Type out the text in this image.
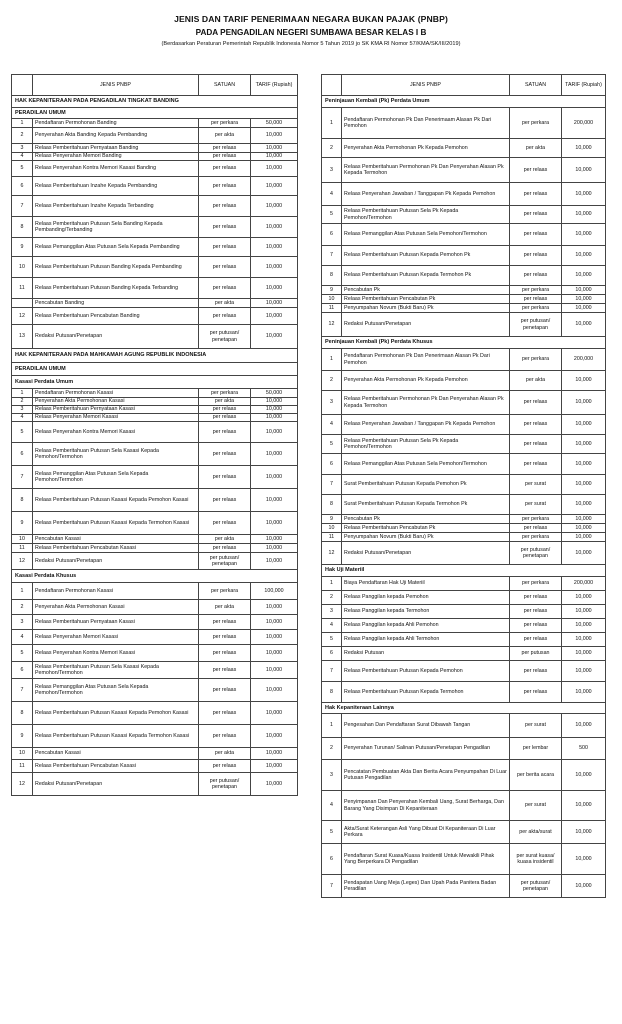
JENIS DAN TARIF PENERIMAAN NEGARA BUKAN PAJAK (PNBP)
PADA PENGADILAN NEGERI SUMBAWA BESAR KELAS I B
(Berdasarkan Peraturan Pemerintah Republik Indonesia Nomor 5 Tahun 2019 jo SK KMA RI Nomor 57/KMA/SK/III/2019)
	JENIS PNBP	SATUAN	TARIF (Rupiah)
HAK KEPANITERAAN PADA PENGADILAN TINGKAT BANDING			
PERADILAN UMUM			
1	Pendaftaran Permohonan Banding	per perkara	50,000
2	Penyerahan Akta Banding Kepada Pembanding	per akta	10,000
3	Relaas Pemberitahuan Pernyataan Banding	per relaas	10,000
4	Relaas Penyerahan Memori Banding	per relaas	10,000
5	Relaas Penyerahan Kontra Memori Kasasi Banding	per relaas	10,000
6	Relaas Pemberitahuan Inzahe Kepada Pembanding	per relaas	10,000
7	Relaas Pemberitahuan Inzahe Kepada Terbanding	per relaas	10,000
8	Relaas Pemberitahuan Putusan Sela Banding Kepada Pembanding/Terbanding	per relaas	10,000
9	Relaas Pemanggilan Atas Putusan Sela Kepada Pembanding	per relaas	10,000
10	Relaas Pemberitahuan Putusan Banding Kepada Pembanding	per relaas	10,000
11	Relaas Pemberitahuan Putusan Banding Kepada Terbanding	per relaas	10,000
	Pencabutan Banding	per akta	10,000
12	Relaas Pemberitahuan Pencabutan Banding	per relaas	10,000
13	Redaksi Putusan/Penetapan	per putusan/ penetapan	10,000
HAK KEPANITERAAN PADA MAHKAMAH AGUNG REPUBLIK INDONESIA			
PERADILAN UMUM			
Kasasi Perdata Umum			
1	Pendaftaran Permohonan Kasasi	per perkara	50,000
2	Penyerahan Akta Permohonan Kasasi	per akta	10,000
3	Relaas Pemberitahuan Pernyataan Kasasi	per relaas	10,000
4	Relaas Penyerahan Memori Kasasi	per relaas	10,000
5	Relaas Penyerahan Kontra Memori Kasasi	per relaas	10,000
6	Relaas Pemberitahuan Putusan Sela Kasasi Kepada Pemohon/Termohon	per relaas	10,000
7	Relaas Pemanggilan Atas Putusan Sela Kepada Pemohon/Termohon	per relaas	10,000
8	Relaas Pemberitahuan Putusan Kasasi Kepada Pemohon Kasasi	per relaas	10,000
9	Relaas Pemberitahuan Putusan Kasasi Kepada Termohon Kasasi	per relaas	10,000
10	Pencabutan Kasasi	per akta	10,000
11	Relaas Pemberitahuan Pencabutan Kasasi	per relaas	10,000
12	Redaksi Putusan/Penetapan	per putusan/ penetapan	10,000
Kasasi Perdata Khusus			
1	Pendaftaran Permohonan Kasasi	per perkara	100,000
2	Penyerahan Akta Permohonan Kasasi	per akta	10,000
3	Relaas Pemberitahuan Pernyataan Kasasi	per relaas	10,000
4	Relaas Penyerahan Memori Kasasi	per relaas	10,000
5	Relaas Penyerahan Kontra Memori Kasasi	per relaas	10,000
6	Relaas Pemberitahuan Putusan Sela Kasasi Kepada Pemohon/Termohon	per relaas	10,000
7	Relaas Pemanggilan Atas Putusan Sela Kepada Pemohon/Termohon	per relaas	10,000
8	Relaas Pemberitahuan Putusan Kasasi Kepada Pemohon Kasasi	per relaas	10,000
9	Relaas Pemberitahuan Putusan Kasasi Kepada Termohon Kasasi	per relaas	10,000
10	Pencabutan Kasasi	per akta	10,000
11	Relaas Pemberitahuan Pencabutan Kasasi	per relaas	10,000
12	Redaksi Putusan/Penetapan	per putusan/ penetapan	10,000
	JENIS PNBP	SATUAN	TARIF (Rupiah)
Peninjauan Kembali (Pk) Perdata Umum			
1	Pendaftaran Permohonan Pk Dan Penerimaam Alasan Pk Dari Pemohon	per perkara	200,000
2	Penyerahan Akta Permohonan Pk Kepada Pemohon	per akta	10,000
3	Relaas Pemberitahuan Permohonan Pk Dan Penyerahan Alasan Pk Kepada Termohon	per relaas	10,000
4	Relaas Penyerahan Jawaban / Tanggapan Pk Kepada Pemohon	per relaas	10,000
5	Relaas Pemberitahuan Putusan Sela Pk Kepada Pemohon/Termohon	per relaas	10,000
6	Relaas Pemanggilan Atas Putusan Sela Pemohon/Termohon	per relaas	10,000
7	Relaas Pemberitahuan Putusan Kepada Pemohon Pk	per relaas	10,000
8	Relaas Pemberitahuan Putusan Kepada Termohon Pk	per relaas	10,000
9	Pencabutan Pk	per perkara	10,000
10	Relaas Pemberitahuan Pencabutan Pk	per relaas	10,000
11	Penyumpahan Novum (Bukti Baru) Pk	per perkara	10,000
12	Redaksi Putusan/Penetapan	per putusan/ penetapan	10,000
Peninjauan Kembali (Pk) Perdata Khusus			
1	Pendaftaran Permohonan Pk Dan Penerimaan Alasan Pk Dari Pemohon	per perkara	200,000
2	Penyerahan Akta Permohonan Pk Kepada Pemohon	per akta	10,000
3	Relaas Pemberitahuan Permohonan Pk Dan Penyerahan Alasan Pk Kepada Termohon	per relaas	10,000
4	Relaas Penyerahan Jawaban / Tanggapan Pk Kepada Pemohon	per relaas	10,000
5	Relaas Pemberitahuan Putusan Sela Pk Kepada Pemohon/Termohon	per relaas	10,000
6	Relaas Pemanggilan Atas Putusan Sela Pemohon/Termohon	per relaas	10,000
7	Surat Pemberitahuan Putusan Kepada Pemohon Pk	per surat	10,000
8	Surat Pemberitahuan Putusan Kepada Termohon Pk	per surat	10,000
9	Pencabutan Pk	per perkara	10,000
10	Relaas Pemberitahuan Pencabutan Pk	per relaas	10,000
11	Penyumpahan Novum (Bukti Baru) Pk	per perkara	10,000
12	Redaksi Putusan/Penetapan	per putusan/ penetapan	10,000
Hak Uji Materiil			
1	Biaya Pendaftaran Hak Uji Materiil	per perkara	200,000
2	Relaas Panggilan kepada Pemohon	per relaas	10,000
3	Relaas Panggilan kepada Termohon	per relaas	10,000
4	Relaas Panggilan kepada Ahli Pemohon	per relaas	10,000
5	Relaas Panggilan kepada Ahli Termohon	per relaas	10,000
6	Redaksi Putusan	per putusan	10,000
7	Relaas Pemberitahuan Putusan Kepada Pemohon	per relaas	10,000
8	Relaas Pemberitahuan Putusan Kepada Termohon	per relaas	10,000
Hak Kepaniteraan Lainnya			
1	Pengesahan Dan Pendaftaran Surat Dibawah Tangan	per surat	10,000
2	Penyerahan Turunan/ Salinan Putusan/Penetapan Pengadilan	per lembar	500
3	Pencatatan Pembuatan Akta Dan Berita Acara Penyumpahan Di Luar Putusan Pengadilan	per berita acara	10,000
4	Penyimpanan Dan Penyerahan Kembali Uang, Surat Berharga, Dan Barang Yang Disimpan Di Kepaniteraan	per surat	10,000
5	Akta/Surat Keterangan Asli Yang Dibuat Di Kepaniteraan Di Luar Perkara	per akta/surat	10,000
6	Pendaftaran Surat Kuasa/Kuasa Insidentil Untuk Mewakili Pihak Yang Berperkara Di Pengadilan	per surat kuasa/ kuasa insidentil	10,000
7	Pendapatan Uang Meja (Leges) Dan Upah Pada Panitera Badan Peradilan	per putusan/ penetapan	10,000
